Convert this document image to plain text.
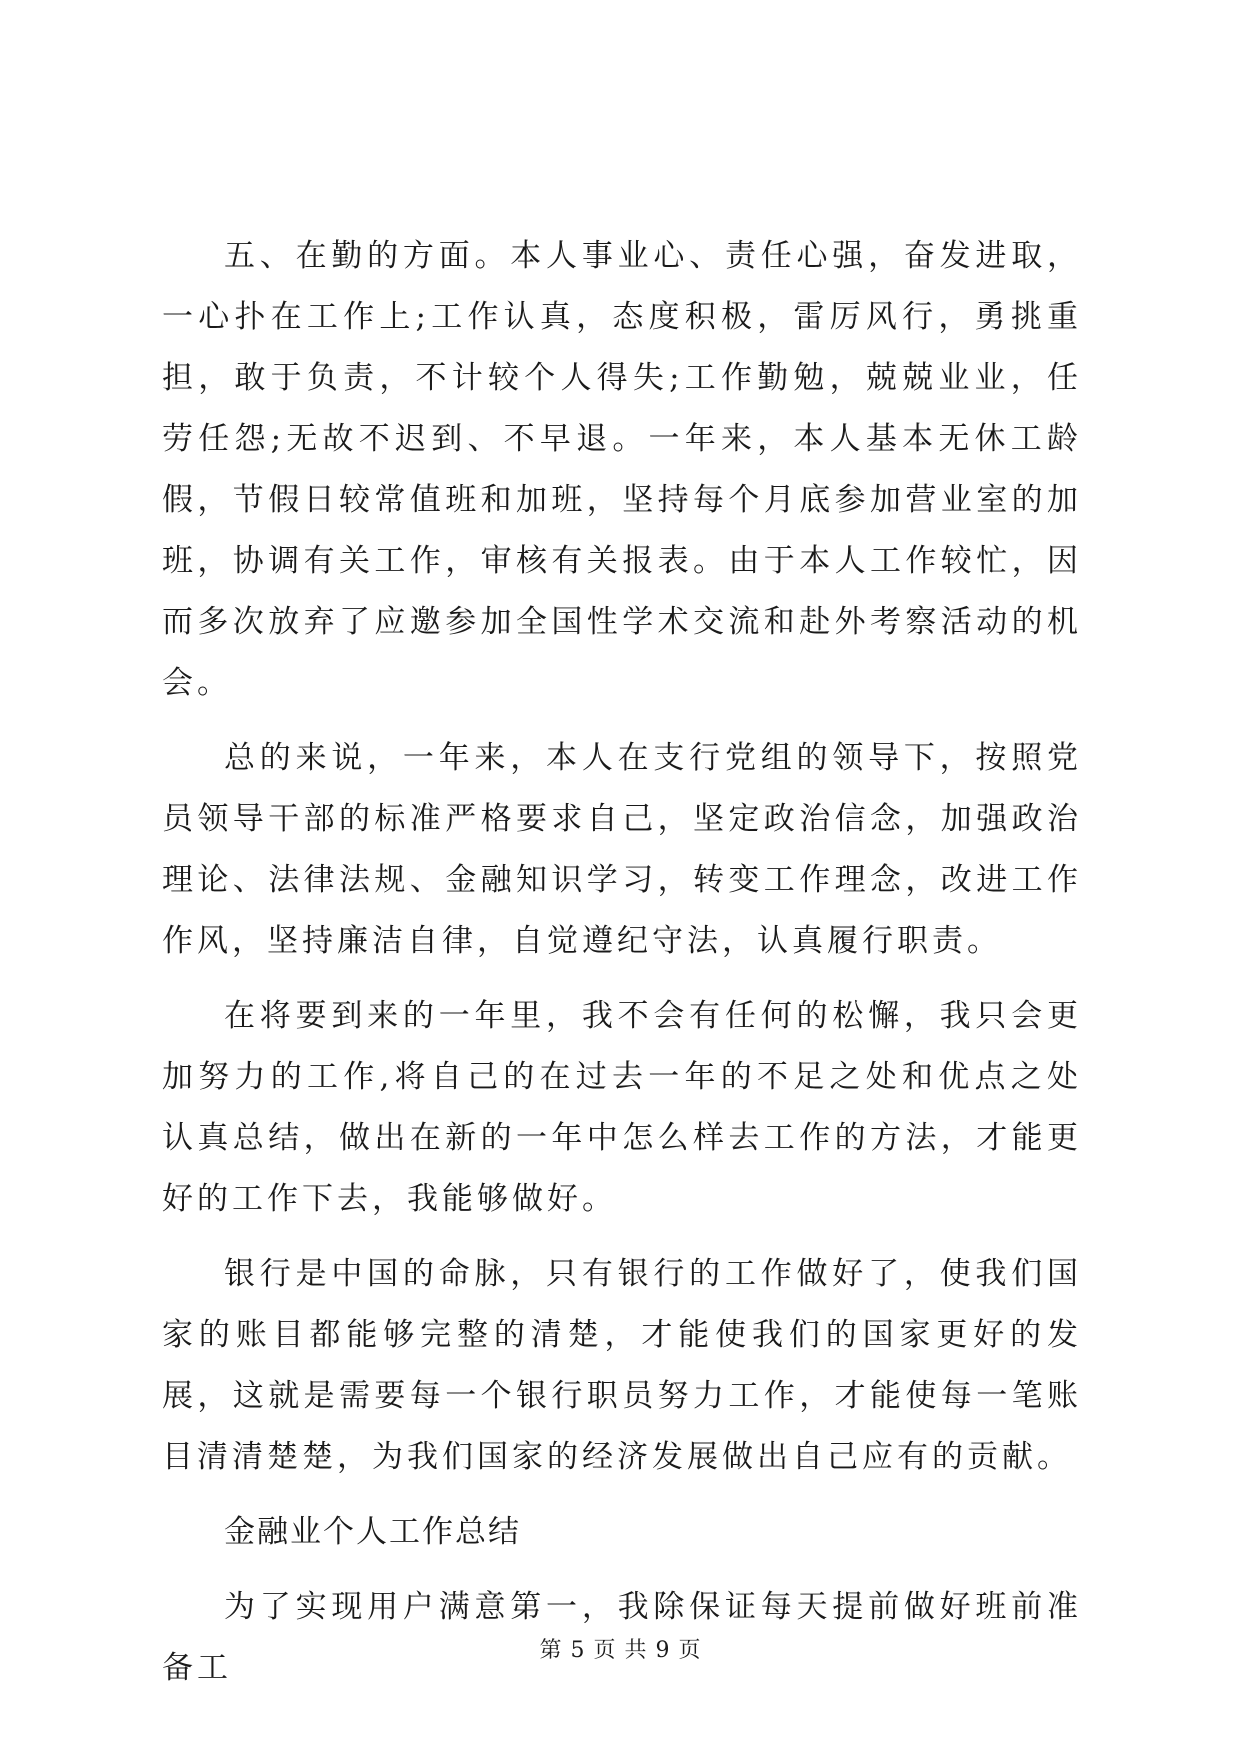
五、在勤的方面。本人事业心、责任心强，奋发进取，一心扑在工作上;工作认真，态度积极，雷厉风行，勇挑重担，敢于负责，不计较个人得失;工作勤勉，兢兢业业，任劳任怨;无故不迟到、不早退。一年来，本人基本无休工龄假，节假日较常值班和加班，坚持每个月底参加营业室的加班，协调有关工作，审核有关报表。由于本人工作较忙，因而多次放弃了应邀参加全国性学术交流和赴外考察活动的机会。

总的来说，一年来，本人在支行党组的领导下，按照党员领导干部的标准严格要求自己，坚定政治信念，加强政治理论、法律法规、金融知识学习，转变工作理念，改进工作作风，坚持廉洁自律，自觉遵纪守法，认真履行职责。

在将要到来的一年里，我不会有任何的松懈，我只会更加努力的工作,将自己的在过去一年的不足之处和优点之处认真总结，做出在新的一年中怎么样去工作的方法，才能更好的工作下去，我能够做好。

银行是中国的命脉，只有银行的工作做好了，使我们国家的账目都能够完整的清楚，才能使我们的国家更好的发展，这就是需要每一个银行职员努力工作，才能使每一笔账目清清楚楚，为我们国家的经济发展做出自己应有的贡献。

金融业个人工作总结

为了实现用户满意第一，我除保证每天提前做好班前准备工	第 5 页 共 9 页
